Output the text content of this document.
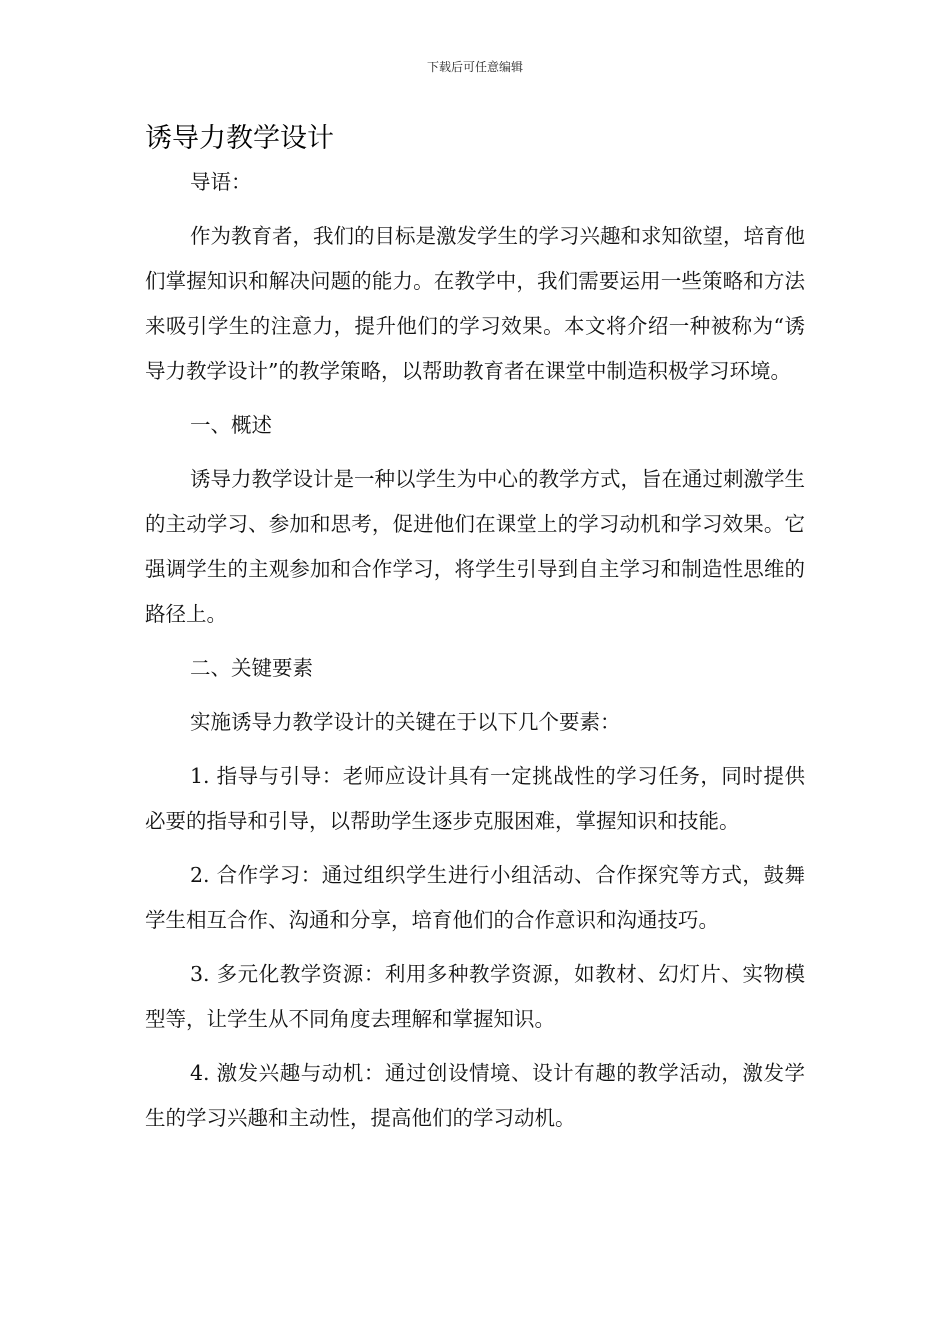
下载后可任意编辑
诱导力教学设计

导语：

作为教育者，我们的目标是激发学生的学习兴趣和求知欲望，培育他们掌握知识和解决问题的能力。在教学中，我们需要运用一些策略和方法来吸引学生的注意力，提升他们的学习效果。本文将介绍一种被称为“诱导力教学设计”的教学策略，以帮助教育者在课堂中制造积极学习环境。

一、概述

诱导力教学设计是一种以学生为中心的教学方式，旨在通过刺激学生的主动学习、参加和思考，促进他们在课堂上的学习动机和学习效果。它强调学生的主观参加和合作学习，将学生引导到自主学习和制造性思维的路径上。

二、关键要素

实施诱导力教学设计的关键在于以下几个要素：

1. 指导与引导：老师应设计具有一定挑战性的学习任务，同时提供必要的指导和引导，以帮助学生逐步克服困难，掌握知识和技能。

2. 合作学习：通过组织学生进行小组活动、合作探究等方式，鼓舞学生相互合作、沟通和分享，培育他们的合作意识和沟通技巧。

3. 多元化教学资源：利用多种教学资源，如教材、幻灯片、实物模型等，让学生从不同角度去理解和掌握知识。

4. 激发兴趣与动机：通过创设情境、设计有趣的教学活动，激发学生的学习兴趣和主动性，提高他们的学习动机。
